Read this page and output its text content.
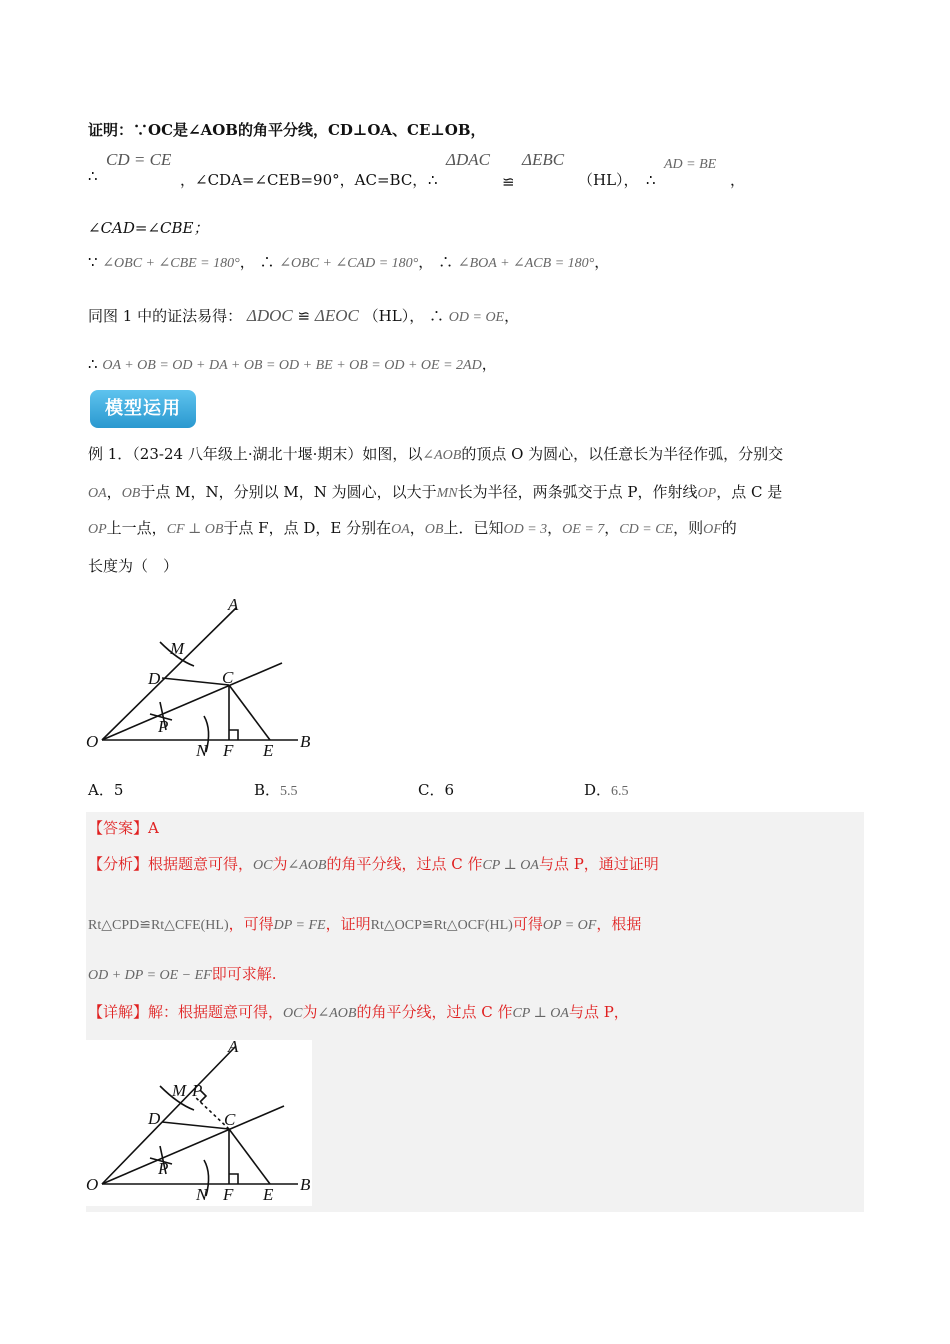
证明：∵OC是∠AOB的角平分线，CD⊥OA、CE⊥OB，
∴
CD = CE
，∠CDA=∠CEB=90°，AC=BC， ∴
ΔDAC
≌
ΔEBC
（HL）， ∴
AD = BE
，
∠CAD=∠CBE；
∵ ∠OBC + ∠CBE = 180°， ∴ ∠OBC + ∠CAD = 180°， ∴ ∠BOA + ∠ACB = 180°，
同图 1 中的证法易得： ΔDOC ≌ ΔEOC （HL）， ∴ OD = OE，
∴ OA + OB = OD + DA + OB = OD + BE + OB = OD + OE = 2AD，
模型运用
例 1．（23-24 八年级上·湖北十堰·期末）如图，以∠AOB的顶点 O 为圆心，以任意长为半径作弧，分别交
OA，OB于点 M，N，分别以 M，N 为圆心，以大于MN长为半径，两条弧交于点 P，作射线OP，点 C 是
OP上一点，CF ⊥ OB于点 F，点 D，E 分别在OA，OB上．已知OD = 3，OE = 7，CD = CE，则OF的
长度为（　）
A
M
D	C
P
O	N F E B
A．5	B．5.5	C．6	D．6.5
【答案】A
【分析】根据题意可得，OC为∠AOB的角平分线，过点 C 作CP ⊥ OA与点 P，通过证明
Rt△CPD≌Rt△CFE(HL)，可得DP = FE，证明Rt△OCP≌Rt△OCF(HL)可得OP = OF，根据
OD + DP = OE − EF即可求解.
【详解】解：根据题意可得，OC为∠AOB的角平分线，过点 C 作CP ⊥ OA与点 P，
A
M P
D	C
P
O
N F E
B
